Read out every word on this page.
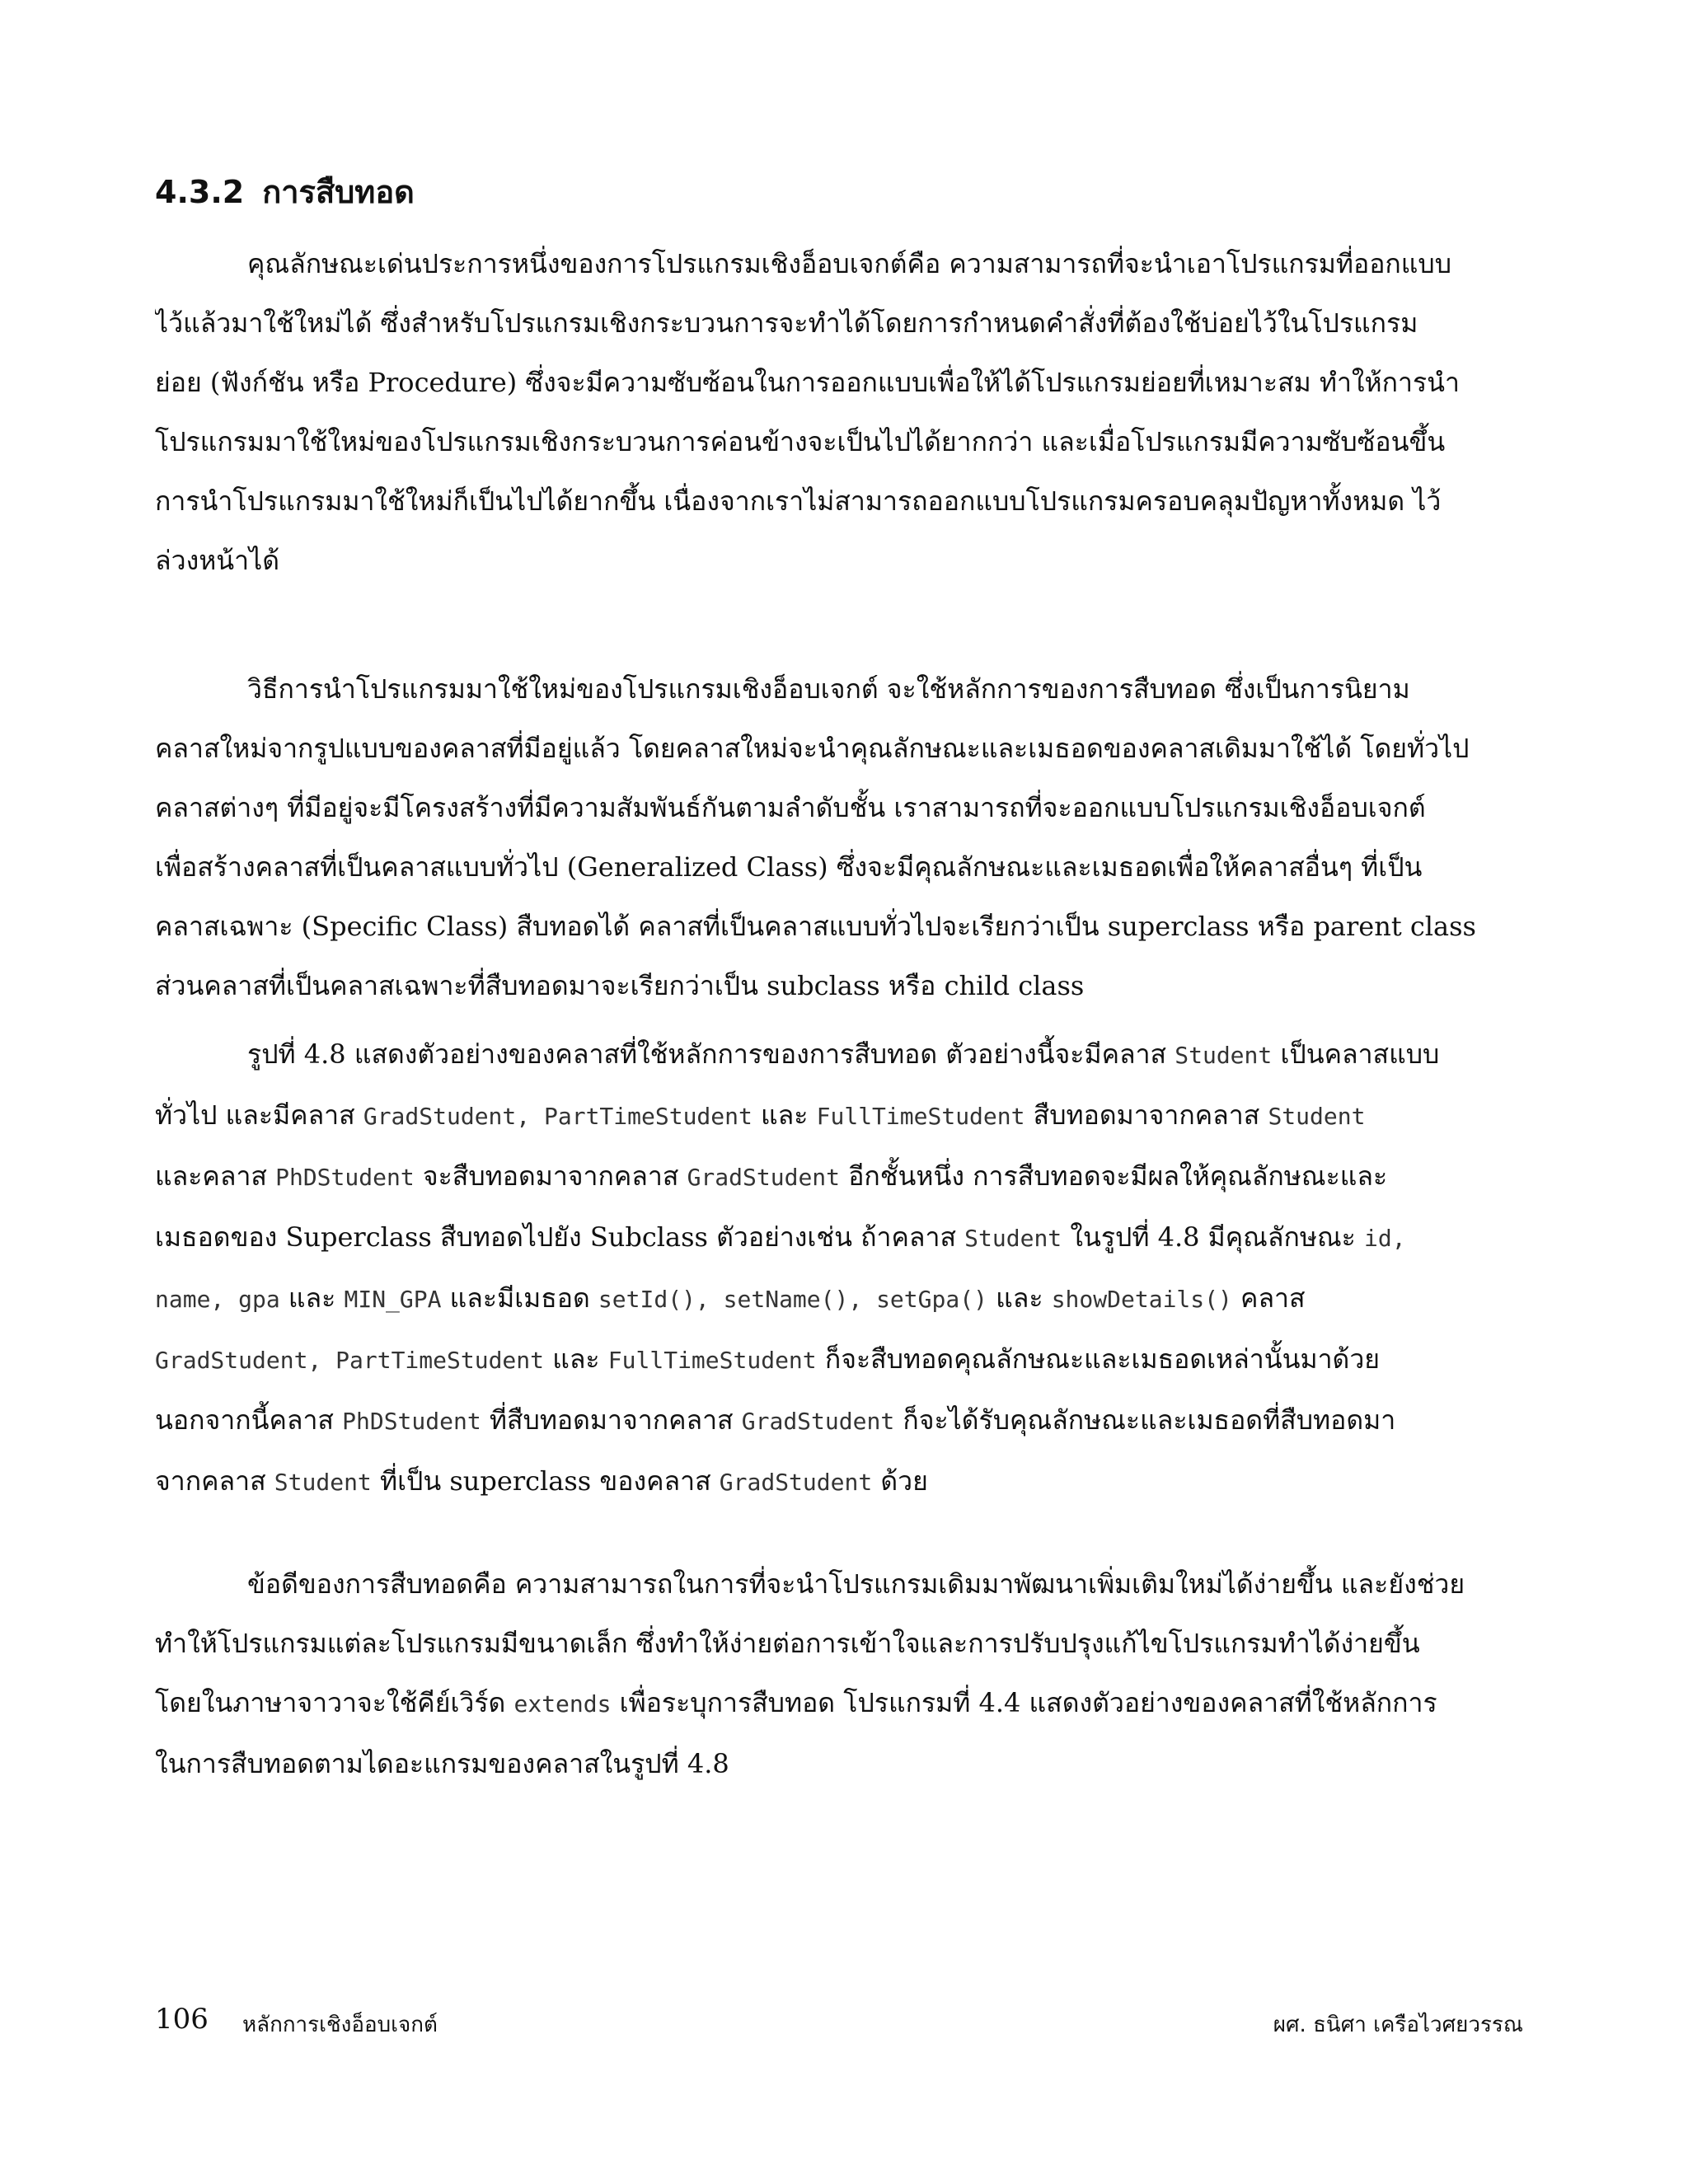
4.3.2 การสืบทอด

คุณลักษณะเด่นประการหนึ่งของการโปรแกรมเชิงอ็อบเจกต์คือ ความสามารถที่จะนำเอาโปรแกรมที่ออกแบบ
ไว้แล้วมาใช้ใหม่ได้ ซึ่งสำหรับโปรแกรมเชิงกระบวนการจะทำได้โดยการกำหนดคำสั่งที่ต้องใช้บ่อยไว้ในโปรแกรม
ย่อย (ฟังก์ชัน หรือ Procedure) ซึ่งจะมีความซับซ้อนในการออกแบบเพื่อให้ได้โปรแกรมย่อยที่เหมาะสม ทำให้การนำ
โปรแกรมมาใช้ใหม่ของโปรแกรมเชิงกระบวนการค่อนข้างจะเป็นไปได้ยากกว่า และเมื่อโปรแกรมมีความซับซ้อนขึ้น
การนำโปรแกรมมาใช้ใหม่ก็เป็นไปได้ยากขึ้น เนื่องจากเราไม่สามารถออกแบบโปรแกรมครอบคลุมปัญหาทั้งหมด ไว้
ล่วงหน้าได้

วิธีการนำโปรแกรมมาใช้ใหม่ของโปรแกรมเชิงอ็อบเจกต์ จะใช้หลักการของการสืบทอด ซึ่งเป็นการนิยาม
คลาสใหม่จากรูปแบบของคลาสที่มีอยู่แล้ว โดยคลาสใหม่จะนำคุณลักษณะและเมธอดของคลาสเดิมมาใช้ได้ โดยทั่วไป
คลาสต่างๆ ที่มีอยู่จะมีโครงสร้างที่มีความสัมพันธ์กันตามลำดับชั้น เราสามารถที่จะออกแบบโปรแกรมเชิงอ็อบเจกต์
เพื่อสร้างคลาสที่เป็นคลาสแบบทั่วไป (Generalized Class) ซึ่งจะมีคุณลักษณะและเมธอดเพื่อให้คลาสอื่นๆ ที่เป็น
คลาสเฉพาะ (Specific Class) สืบทอดได้ คลาสที่เป็นคลาสแบบทั่วไปจะเรียกว่าเป็น superclass หรือ parent class
ส่วนคลาสที่เป็นคลาสเฉพาะที่สืบทอดมาจะเรียกว่าเป็น subclass หรือ child class

รูปที่ 4.8 แสดงตัวอย่างของคลาสที่ใช้หลักการของการสืบทอด ตัวอย่างนี้จะมีคลาส Student เป็นคลาสแบบ
ทั่วไป และมีคลาส GradStudent, PartTimeStudent และ FullTimeStudent สืบทอดมาจากคลาส Student
และคลาส PhDStudent จะสืบทอดมาจากคลาส GradStudent อีกชั้นหนึ่ง การสืบทอดจะมีผลให้คุณลักษณะและ
เมธอดของ Superclass สืบทอดไปยัง Subclass ตัวอย่างเช่น ถ้าคลาส Student ในรูปที่ 4.8 มีคุณลักษณะ id,
name, gpa และ MIN_GPA และมีเมธอด setId(), setName(), setGpa() และ showDetails() คลาส
GradStudent, PartTimeStudent และ FullTimeStudent ก็จะสืบทอดคุณลักษณะและเมธอดเหล่านั้นมาด้วย
นอกจากนี้คลาส PhDStudent ที่สืบทอดมาจากคลาส GradStudent ก็จะได้รับคุณลักษณะและเมธอดที่สืบทอดมา
จากคลาส Student ที่เป็น superclass ของคลาส GradStudent ด้วย

ข้อดีของการสืบทอดคือ ความสามารถในการที่จะนำโปรแกรมเดิมมาพัฒนาเพิ่มเติมใหม่ได้ง่ายขึ้น และยังช่วย
ทำให้โปรแกรมแต่ละโปรแกรมมีขนาดเล็ก ซึ่งทำให้ง่ายต่อการเข้าใจและการปรับปรุงแก้ไขโปรแกรมทำได้ง่ายขึ้น
โดยในภาษาจาวาจะใช้คีย์เวิร์ด extends เพื่อระบุการสืบทอด โปรแกรมที่ 4.4 แสดงตัวอย่างของคลาสที่ใช้หลักการ
ในการสืบทอดตามไดอะแกรมของคลาสในรูปที่ 4.8

106 หลักการเชิงอ็อบเจกต์	ผศ. ธนิศา เครือไวศยวรรณ
